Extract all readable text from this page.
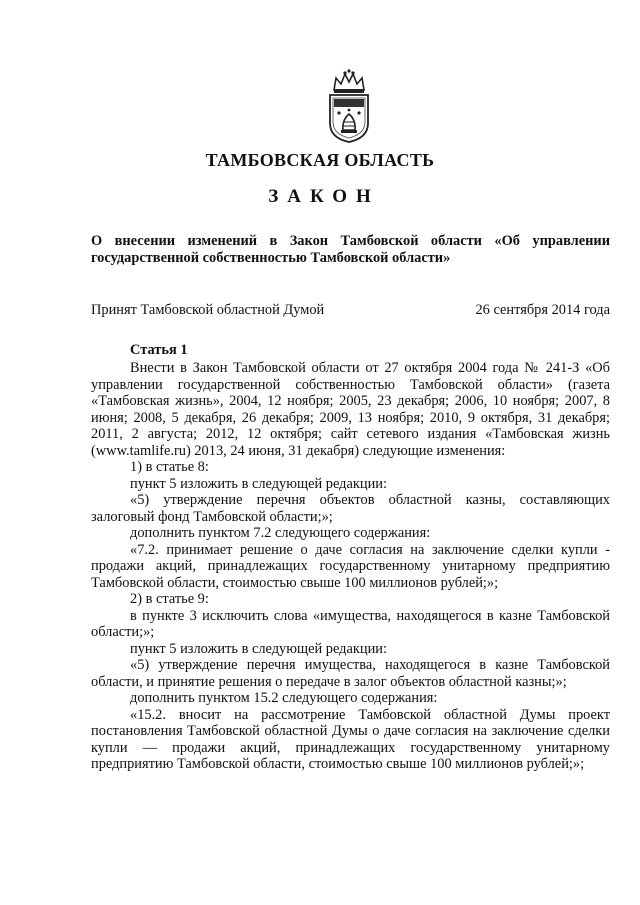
ТАМБОВСКАЯ ОБЛАСТЬ
ЗАКОН
О внесении изменений в Закон Тамбовской области «Об управлении государственной собственностью Тамбовской области»
Принят Тамбовской областной Думой	26 сентября 2014 года
Статья 1

Внести в Закон Тамбовской области от 27 октября 2004 года № 241-З «Об управлении государственной собственностью Тамбовской области» (газета «Тамбовская жизнь», 2004, 12 ноября; 2005, 23 декабря; 2006, 10 ноября; 2007, 8 июня; 2008, 5 декабря, 26 декабря; 2009, 13 ноября; 2010, 9 октября, 31 декабря; 2011, 2 августа; 2012, 12 октября; сайт сетевого издания «Тамбовская жизнь (www.tamlife.ru) 2013, 24 июня, 31 декабря) следующие изменения:

1) в статье 8:

пункт 5 изложить в следующей редакции:

«5) утверждение перечня объектов областной казны, составляющих залоговый фонд Тамбовской области;»;

дополнить пунктом 7.2 следующего содержания:

«7.2. принимает решение о даче согласия на заключение сделки купли - продажи акций, принадлежащих государственному унитарному предприятию Тамбовской области, стоимостью свыше 100 миллионов рублей;»;

2) в статье 9:

в пункте 3 исключить слова «имущества, находящегося в казне Тамбовской области;»;

пункт 5 изложить в следующей редакции:

«5) утверждение перечня имущества, находящегося в казне Тамбовской области, и принятие решения о передаче в залог объектов областной казны;»;

дополнить пунктом 15.2 следующего содержания:

«15.2. вносит на рассмотрение Тамбовской областной Думы проект постановления Тамбовской областной Думы о даче согласия на заключение сделки купли — продажи акций, принадлежащих государственному унитарному предприятию Тамбовской области, стоимостью свыше 100 миллионов рублей;»;
